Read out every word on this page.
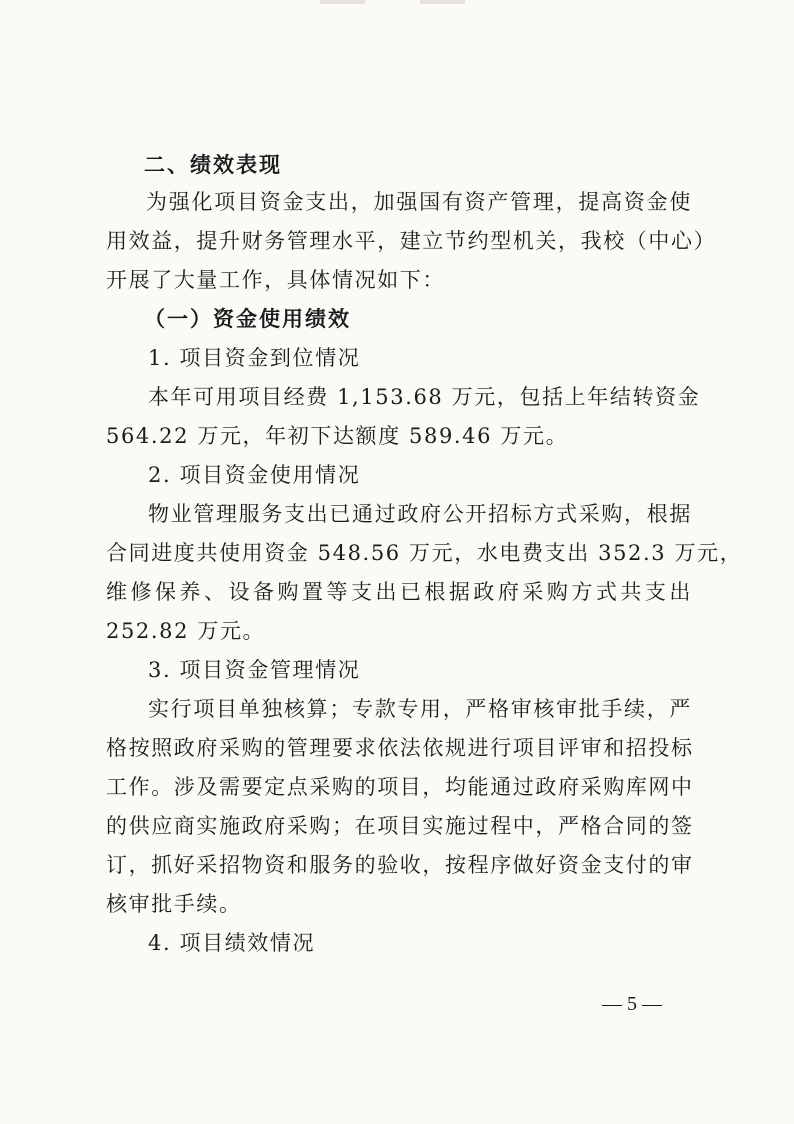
二、绩效表现
为强化项目资金支出，加强国有资产管理，提高资金使
用效益，提升财务管理水平，建立节约型机关，我校（中心）
开展了大量工作，具体情况如下：
（一）资金使用绩效
1. 项目资金到位情况
本年可用项目经费 1,153.68 万元，包括上年结转资金
564.22 万元，年初下达额度 589.46 万元。
2. 项目资金使用情况
物业管理服务支出已通过政府公开招标方式采购，根据
合同进度共使用资金 548.56 万元，水电费支出 352.3 万元，
维修保养、设备购置等支出已根据政府采购方式共支出
252.82 万元。
3. 项目资金管理情况
实行项目单独核算；专款专用，严格审核审批手续，严
格按照政府采购的管理要求依法依规进行项目评审和招投标
工作。涉及需要定点采购的项目，均能通过政府采购库网中
的供应商实施政府采购；在项目实施过程中，严格合同的签
订，抓好采招物资和服务的验收，按程序做好资金支付的审
核审批手续。
4. 项目绩效情况
— 5 —
